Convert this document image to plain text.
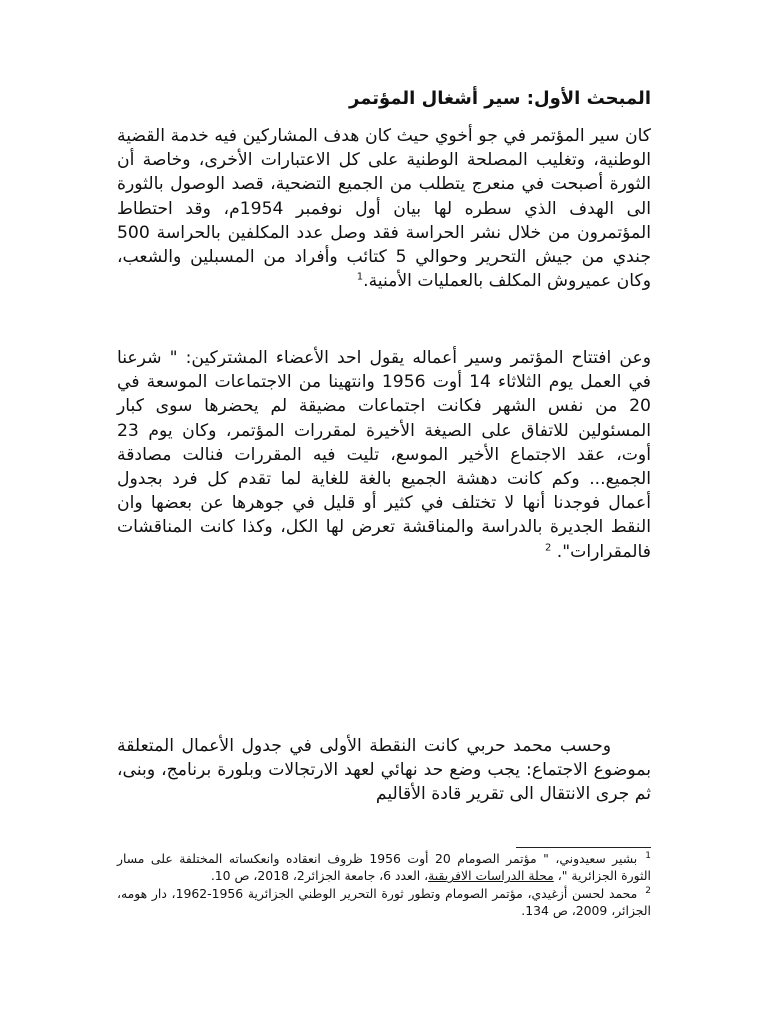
المبحث الأول: سير أشغال المؤتمر

كان سير المؤتمر في جو أخوي حيث كان هدف المشاركين فيه خدمة القضية الوطنية، وتغليب المصلحة الوطنية على كل الاعتبارات الأخرى، وخاصة أن الثورة أصبحت في منعرج يتطلب من الجميع التضحية، قصد الوصول بالثورة الى الهدف الذي سطره لها بيان أول نوفمبر 1954م، وقد احتطاط المؤتمرون من خلال نشر الحراسة فقد وصل عدد المكلفين بالحراسة 500 جندي من جيش التحرير وحوالي 5 كتائب وأفراد من المسبلين والشعب، وكان عميروش المكلف بالعمليات الأمنية.$^1$

وعن افتتاح المؤتمر وسير أعماله يقول احد الأعضاء المشتركين: " شرعنا في العمل يوم الثلاثاء 14 أوت 1956 وانتهينا من الاجتماعات الموسعة في 20 من نفس الشهر فكانت اجتماعات مضيقة لم يحضرها سوى كبار المسئولين للاتفاق على الصيغة الأخيرة لمقررات المؤتمر، وكان يوم 23 أوت، عقد الاجتماع الأخير الموسع، تليت فيه المقررات فنالت مصادقة الجميع... وكم كانت دهشة الجميع بالغة للغاية لما تقدم كل فرد بجدول أعمال فوجدنا أنها لا تختلف في كثير أو قليل في جوهرها عن بعضها وان النقط الجديرة بالدراسة والمناقشة تعرض لها الكل، وكذا كانت المناقشات فالمقرارات". $^2$

وحسب محمد حربي كانت النقطة الأولى في جدول الأعمال المتعلقة بموضوع الاجتماع: يجب وضع حد نهائي لعهد الارتجالات وبلورة برنامج، وبنى، ثم جرى الانتقال الى تقرير قادة الأقاليم

$^1$بشير سعيدوني، " مؤتمر الصومام 20 أوت 1956 ظروف انعقاده وانعكساته المختلفة على مسار الثورة الجزائرية "، مجلة الدراسات الافريقية، العدد 6، جامعة الجزائر2، 2018، ص 10.

$^2$محمد لحسن أزغيدي، مؤتمر الصومام وتطور ثورة التحرير الوطني الجزائرية 1956-1962، دار هومه، الجزائر، 2009، ص 134.
